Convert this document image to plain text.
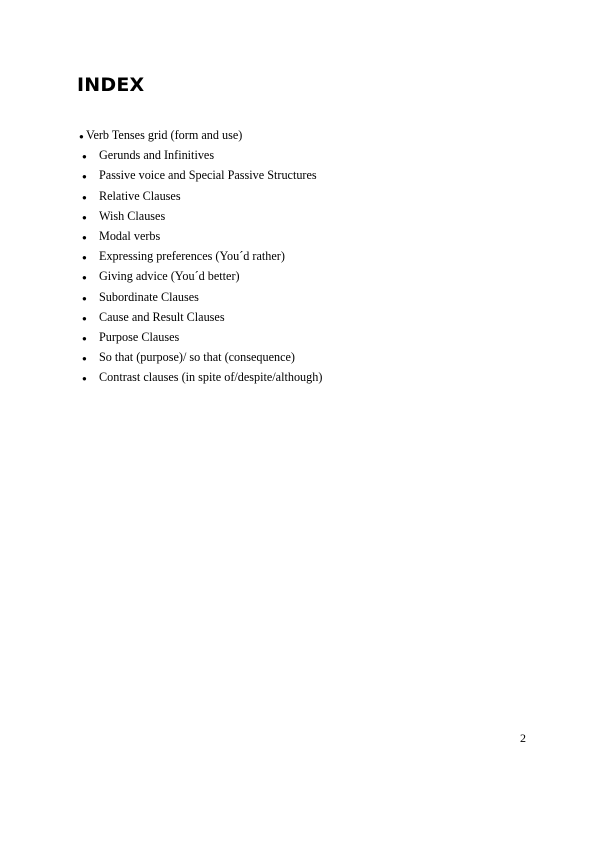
INDEX
● Verb Tenses grid (form and use)
● Gerunds and Infinitives
● Passive voice and Special Passive Structures
● Relative Clauses
● Wish Clauses
● Modal verbs
● Expressing preferences (You´d rather)
● Giving advice (You´d better)
● Subordinate Clauses
● Cause and Result Clauses
● Purpose Clauses
● So that (purpose)/ so that (consequence)
● Contrast clauses (in spite of/despite/although)
2
